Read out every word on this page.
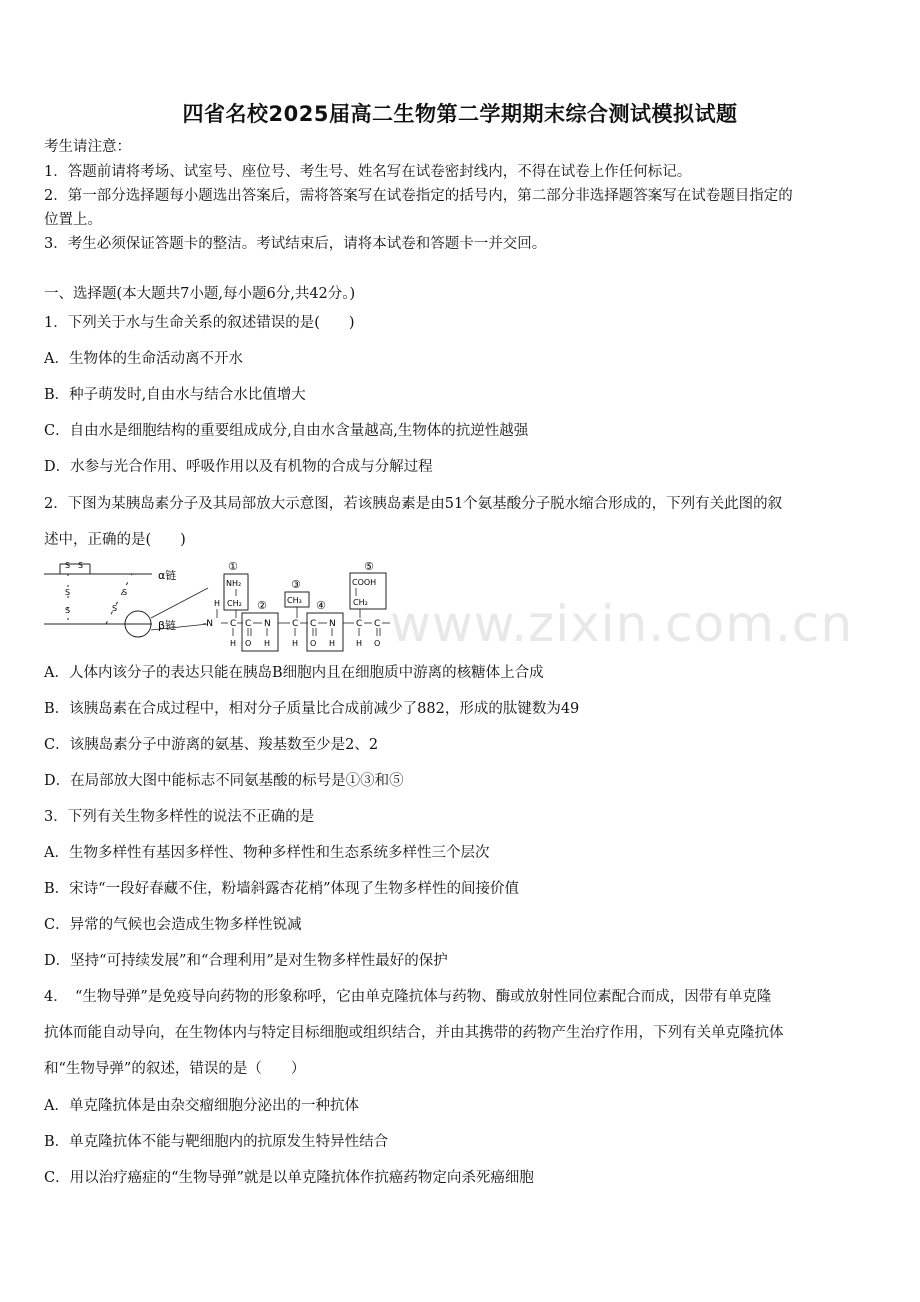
四省名校2025届高二生物第二学期期末综合测试模拟试题
考生请注意：
1．答题前请将考场、试室号、座位号、考生号、姓名写在试卷密封线内，不得在试卷上作任何标记。
2．第一部分选择题每小题选出答案后，需将答案写在试卷指定的括号内，第二部分非选择题答案写在试卷题目指定的
位置上。
3．考生必须保证答题卡的整洁。考试结束后，请将本试卷和答题卡一并交回。
一、选择题(本大题共7小题,每小题6分,共42分。)
1．下列关于水与生命关系的叙述错误的是(　　)
A．生物体的生命活动离不开水
B．种子萌发时,自由水与结合水比值增大
C．自由水是细胞结构的重要组成成分,自由水含量越高,生物体的抗逆性越强
D．水参与光合作用、呼吸作用以及有机物的合成与分解过程
2．下图为某胰岛素分子及其局部放大示意图，若该胰岛素是由51个氨基酸分子脱水缩合形成的，下列有关此图的叙
述中，正确的是(　　)
S S
α链
β链
S
S
S
S
①
NH₂
CH₂ ②
③
CH₃ ④
⑤
COOH
CH₂
H
-N C
H
C
O
N
H
C
H
C
O
N
H
C
H
C
O www.zixin.com.cn
A．人体内该分子的表达只能在胰岛B细胞内且在细胞质中游离的核糖体上合成
B．该胰岛素在合成过程中，相对分子质量比合成前减少了882，形成的肽键数为49
C．该胰岛素分子中游离的氨基、羧基数至少是2、2
D．在局部放大图中能标志不同氨基酸的标号是①③和⑤
3．下列有关生物多样性的说法不正确的是
A．生物多样性有基因多样性、物种多样性和生态系统多样性三个层次
B．宋诗“一段好春藏不住，粉墙斜露杏花梢”体现了生物多样性的间接价值
C．异常的气候也会造成生物多样性锐减
D．坚持“可持续发展”和“合理利用”是对生物多样性最好的保护
4．　“生物导弹”是免疫导向药物的形象称呼，它由单克隆抗体与药物、酶或放射性同位素配合而成，因带有单克隆
抗体而能自动导向，在生物体内与特定目标细胞或组织结合，并由其携带的药物产生治疗作用，下列有关单克隆抗体
和“生物导弹”的叙述，错误的是（　　）
A．单克隆抗体是由杂交瘤细胞分泌出的一种抗体
B．单克隆抗体不能与靶细胞内的抗原发生特异性结合
C．用以治疗癌症的“生物导弹”就是以单克隆抗体作抗癌药物定向杀死癌细胞
